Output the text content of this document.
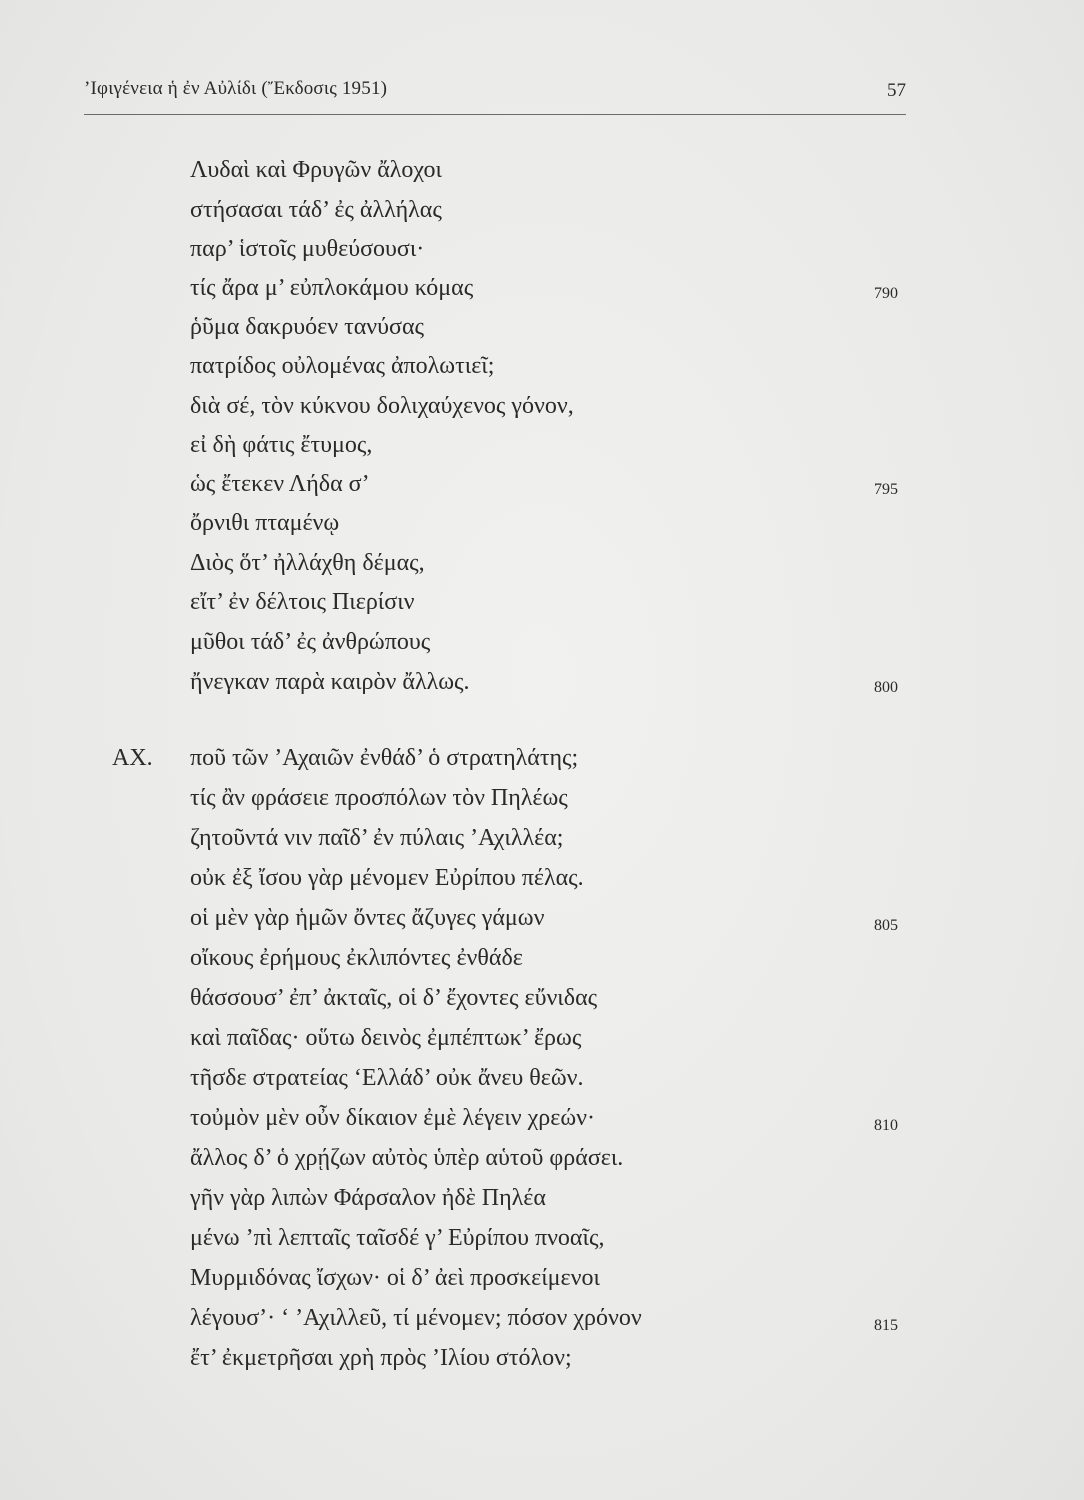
’Ιφιγένεια ἡ ἐν Αὐλίδι (Ἔκδοσις 1951)	57
Λυδαὶ καὶ Φρυγῶν ἄλοχοι
στήσασαι τάδ’ ἐς ἀλλήλας
παρ’ ἱστοῖς μυθεύσουσι·
τίς ἄρα μ’ εὐπλοκάμου κόμας	790
ῥῦμα δακρυόεν τανύσας
πατρίδος οὐλομένας ἀπολωτιεῖ;
διὰ σέ, τὸν κύκνου δολιχαύχενος γόνον,
εἰ δὴ φάτις ἔτυμος,
ὡς ἔτεκεν Λήδα σ’	795
ὄρνιθι πταμένῳ
Διὸς ὅτ’ ἠλλάχθη δέμας,
εἴτ’ ἐν δέλτοις Πιερίσιν
μῦθοι τάδ’ ἐς ἀνθρώπους
ἤνεγκαν παρὰ καιρὸν ἄλλως.	800
ΑΧ. ποῦ τῶν ’Αχαιῶν ἐνθάδ’ ὁ στρατηλάτης;
τίς ἂν φράσειε προσπόλων τὸν Πηλέως
ζητοῦντά νιν παῖδ’ ἐν πύλαις ’Αχιλλέα;
οὐκ ἐξ ἴσου γὰρ μένομεν Εὐρίπου πέλας.
οἱ μὲν γὰρ ἡμῶν ὄντες ἄζυγες γάμων	805
οἴκους ἐρήμους ἐκλιπόντες ἐνθάδε
θάσσουσ’ ἐπ’ ἀκταῖς, οἱ δ’ ἔχοντες εὔνιδας
καὶ παῖδας· οὕτω δεινὸς ἐμπέπτωκ’ ἔρως
τῆσδε στρατείας ‘Ελλάδ’ οὐκ ἄνευ θεῶν.
τοὐμὸν μὲν οὖν δίκαιον ἐμὲ λέγειν χρεών·	810
ἄλλος δ’ ὁ χρῄζων αὐτὸς ὑπὲρ αὑτοῦ φράσει.
γῆν γὰρ λιπὼν Φάρσαλον ἠδὲ Πηλέα
μένω ’πὶ λεπταῖς ταῖσδέ γ’ Εὐρίπου πνοαῖς,
Μυρμιδόνας ἴσχων· οἱ δ’ ἀεὶ προσκείμενοι
λέγουσ’· ‘ ’Αχιλλεῦ, τί μένομεν; πόσον χρόνον	815
ἔτ’ ἐκμετρῆσαι χρὴ πρὸς ’Ιλίου στόλον;
